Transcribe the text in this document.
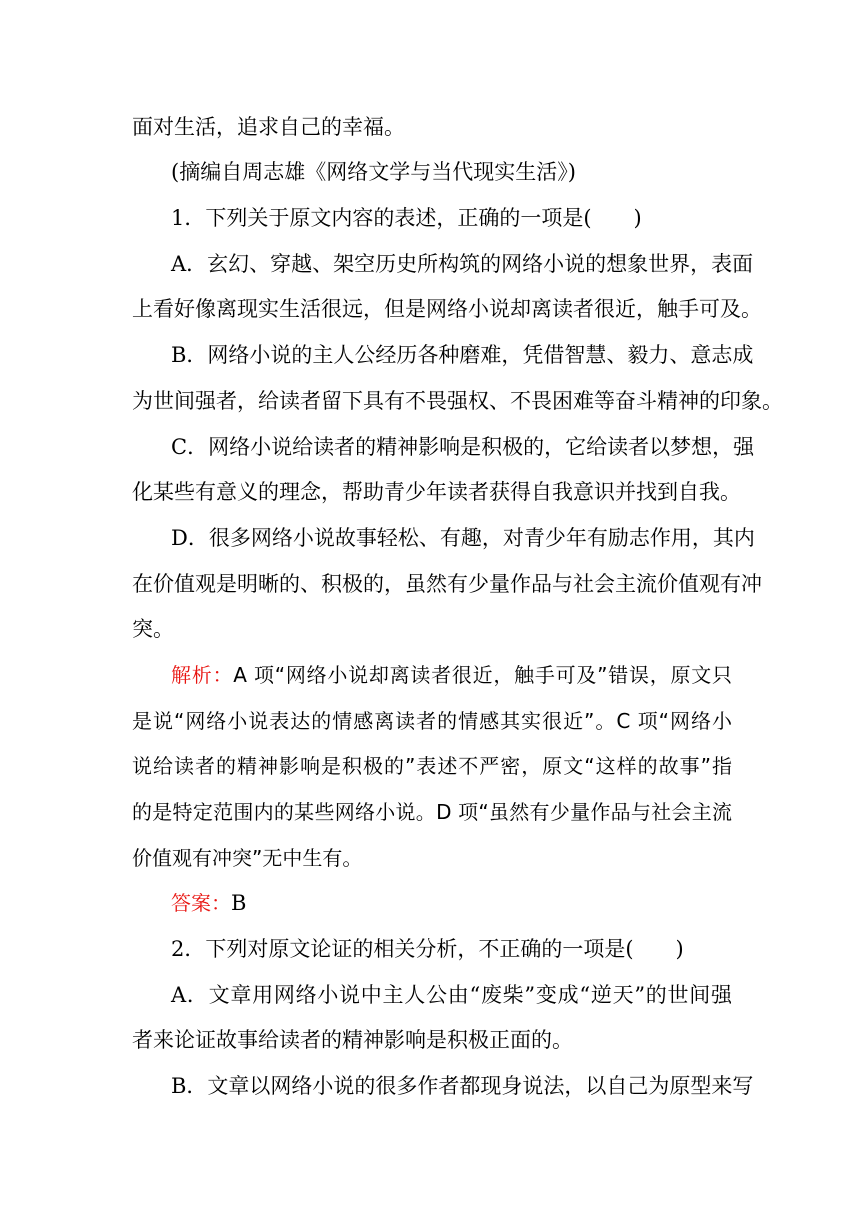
面对生活，追求自己的幸福。
(摘编自周志雄《网络文学与当代现实生活》)
1．下列关于原文内容的表述，正确的一项是(　　)
A．玄幻、穿越、架空历史所构筑的网络小说的想象世界，表面
上看好像离现实生活很远，但是网络小说却离读者很近，触手可及。
B．网络小说的主人公经历各种磨难，凭借智慧、毅力、意志成
为世间强者，给读者留下具有不畏强权、不畏困难等奋斗精神的印象。
C．网络小说给读者的精神影响是积极的，它给读者以梦想，强
化某些有意义的理念，帮助青少年读者获得自我意识并找到自我。
D．很多网络小说故事轻松、有趣，对青少年有励志作用，其内
在价值观是明晰的、积极的，虽然有少量作品与社会主流价值观有冲
突。
解析：A 项“网络小说却离读者很近，触手可及”错误，原文只
是说“网络小说表达的情感离读者的情感其实很近”。C 项“网络小
说给读者的精神影响是积极的”表述不严密，原文“这样的故事”指
的是特定范围内的某些网络小说。D 项“虽然有少量作品与社会主流
价值观有冲突”无中生有。
答案：B
2．下列对原文论证的相关分析，不正确的一项是(　　)
A．文章用网络小说中主人公由“废柴”变成“逆天”的世间强
者来论证故事给读者的精神影响是积极正面的。
B．文章以网络小说的很多作者都现身说法，以自己为原型来写
